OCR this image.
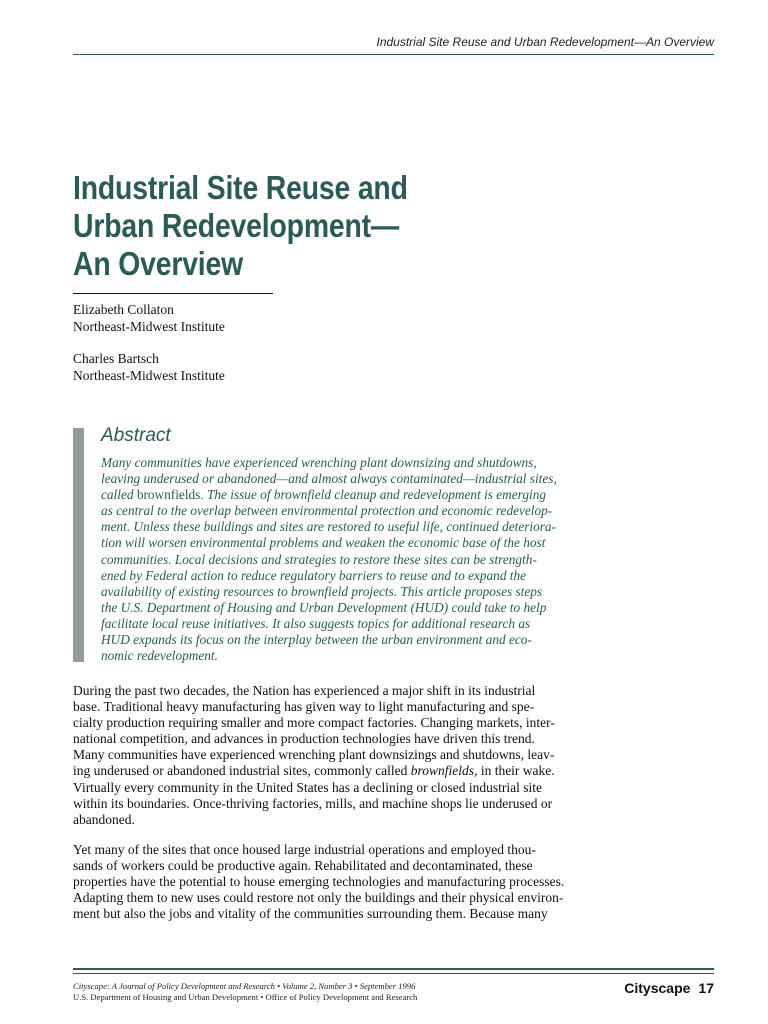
Industrial Site Reuse and Urban Redevelopment—An Overview
Industrial Site Reuse and
Urban Redevelopment—
An Overview
Elizabeth Collaton
Northeast-Midwest Institute
Charles Bartsch
Northeast-Midwest Institute
Abstract
Many communities have experienced wrenching plant downsizing and shutdowns,
leaving underused or abandoned—and almost always contaminated—industrial sites,
called brownfields. The issue of brownfield cleanup and redevelopment is emerging
as central to the overlap between environmental protection and economic redevelop-
ment. Unless these buildings and sites are restored to useful life, continued deteriora-
tion will worsen environmental problems and weaken the economic base of the host
communities. Local decisions and strategies to restore these sites can be strength-
ened by Federal action to reduce regulatory barriers to reuse and to expand the
availability of existing resources to brownfield projects. This article proposes steps
the U.S. Department of Housing and Urban Development (HUD) could take to help
facilitate local reuse initiatives. It also suggests topics for additional research as
HUD expands its focus on the interplay between the urban environment and eco-
nomic redevelopment.
During the past two decades, the Nation has experienced a major shift in its industrial
base. Traditional heavy manufacturing has given way to light manufacturing and spe-
cialty production requiring smaller and more compact factories. Changing markets, inter-
national competition, and advances in production technologies have driven this trend.
Many communities have experienced wrenching plant downsizings and shutdowns, leav-
ing underused or abandoned industrial sites, commonly called brownfields, in their wake.
Virtually every community in the United States has a declining or closed industrial site
within its boundaries. Once-thriving factories, mills, and machine shops lie underused or
abandoned.
Yet many of the sites that once housed large industrial operations and employed thou-
sands of workers could be productive again. Rehabilitated and decontaminated, these
properties have the potential to house emerging technologies and manufacturing processes.
Adapting them to new uses could restore not only the buildings and their physical environ-
ment but also the jobs and vitality of the communities surrounding them. Because many
Cityscape: A Journal of Policy Development and Research • Volume 2, Number 3 • September 1996
U.S. Department of Housing and Urban Development • Office of Policy Development and Research
Cityscape 17
